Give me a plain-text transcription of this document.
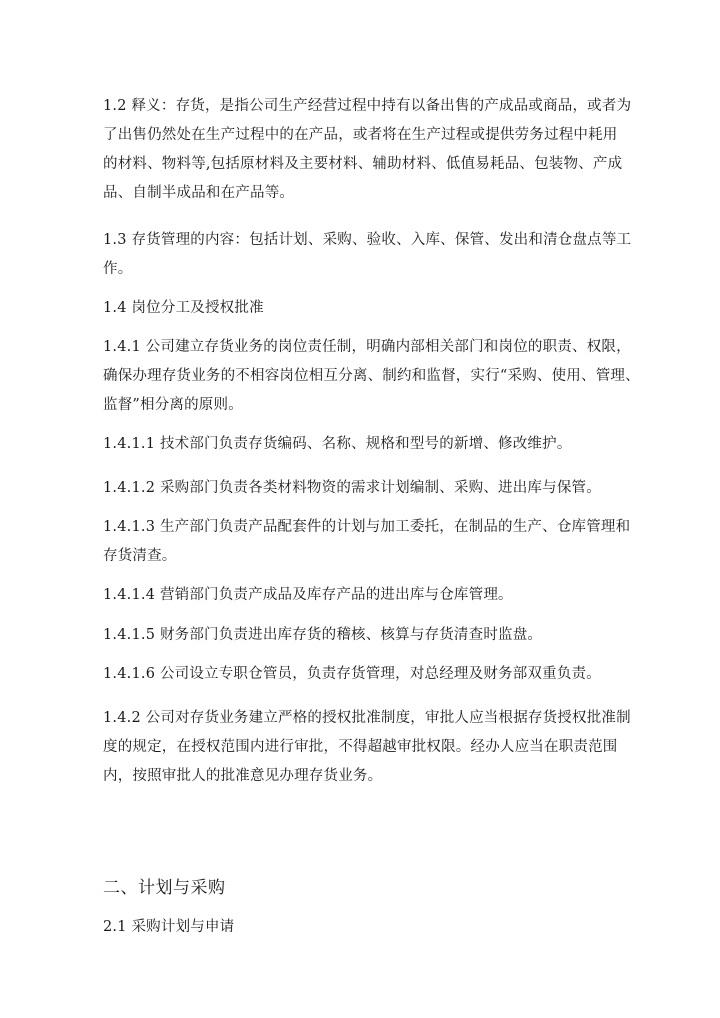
1.2 释义：存货，是指公司生产经营过程中持有以备出售的产成品或商品，或者为
了出售仍然处在生产过程中的在产品，或者将在生产过程或提供劳务过程中耗用
的材料、物料等,包括原材料及主要材料、辅助材料、低值易耗品、包装物、产成
品、自制半成品和在产品等。
1.3 存货管理的内容：包括计划、采购、验收、入库、保管、发出和清仓盘点等工
作。
1.4 岗位分工及授权批准
1.4.1 公司建立存货业务的岗位责任制，明确内部相关部门和岗位的职责、权限，
确保办理存货业务的不相容岗位相互分离、制约和监督，实行“采购、使用、管理、
监督”相分离的原则。
1.4.1.1 技术部门负责存货编码、名称、规格和型号的新增、修改维护。
1.4.1.2 采购部门负责各类材料物资的需求计划编制、采购、进出库与保管。
1.4.1.3 生产部门负责产品配套件的计划与加工委托，在制品的生产、仓库管理和
存货清查。
1.4.1.4 营销部门负责产成品及库存产品的进出库与仓库管理。
1.4.1.5 财务部门负责进出库存货的稽核、核算与存货清查时监盘。
1.4.1.6 公司设立专职仓管员，负责存货管理，对总经理及财务部双重负责。
1.4.2 公司对存货业务建立严格的授权批准制度，审批人应当根据存货授权批准制
度的规定，在授权范围内进行审批，不得超越审批权限。经办人应当在职责范围
内，按照审批人的批准意见办理存货业务。
二、计划与采购
2.1 采购计划与申请
